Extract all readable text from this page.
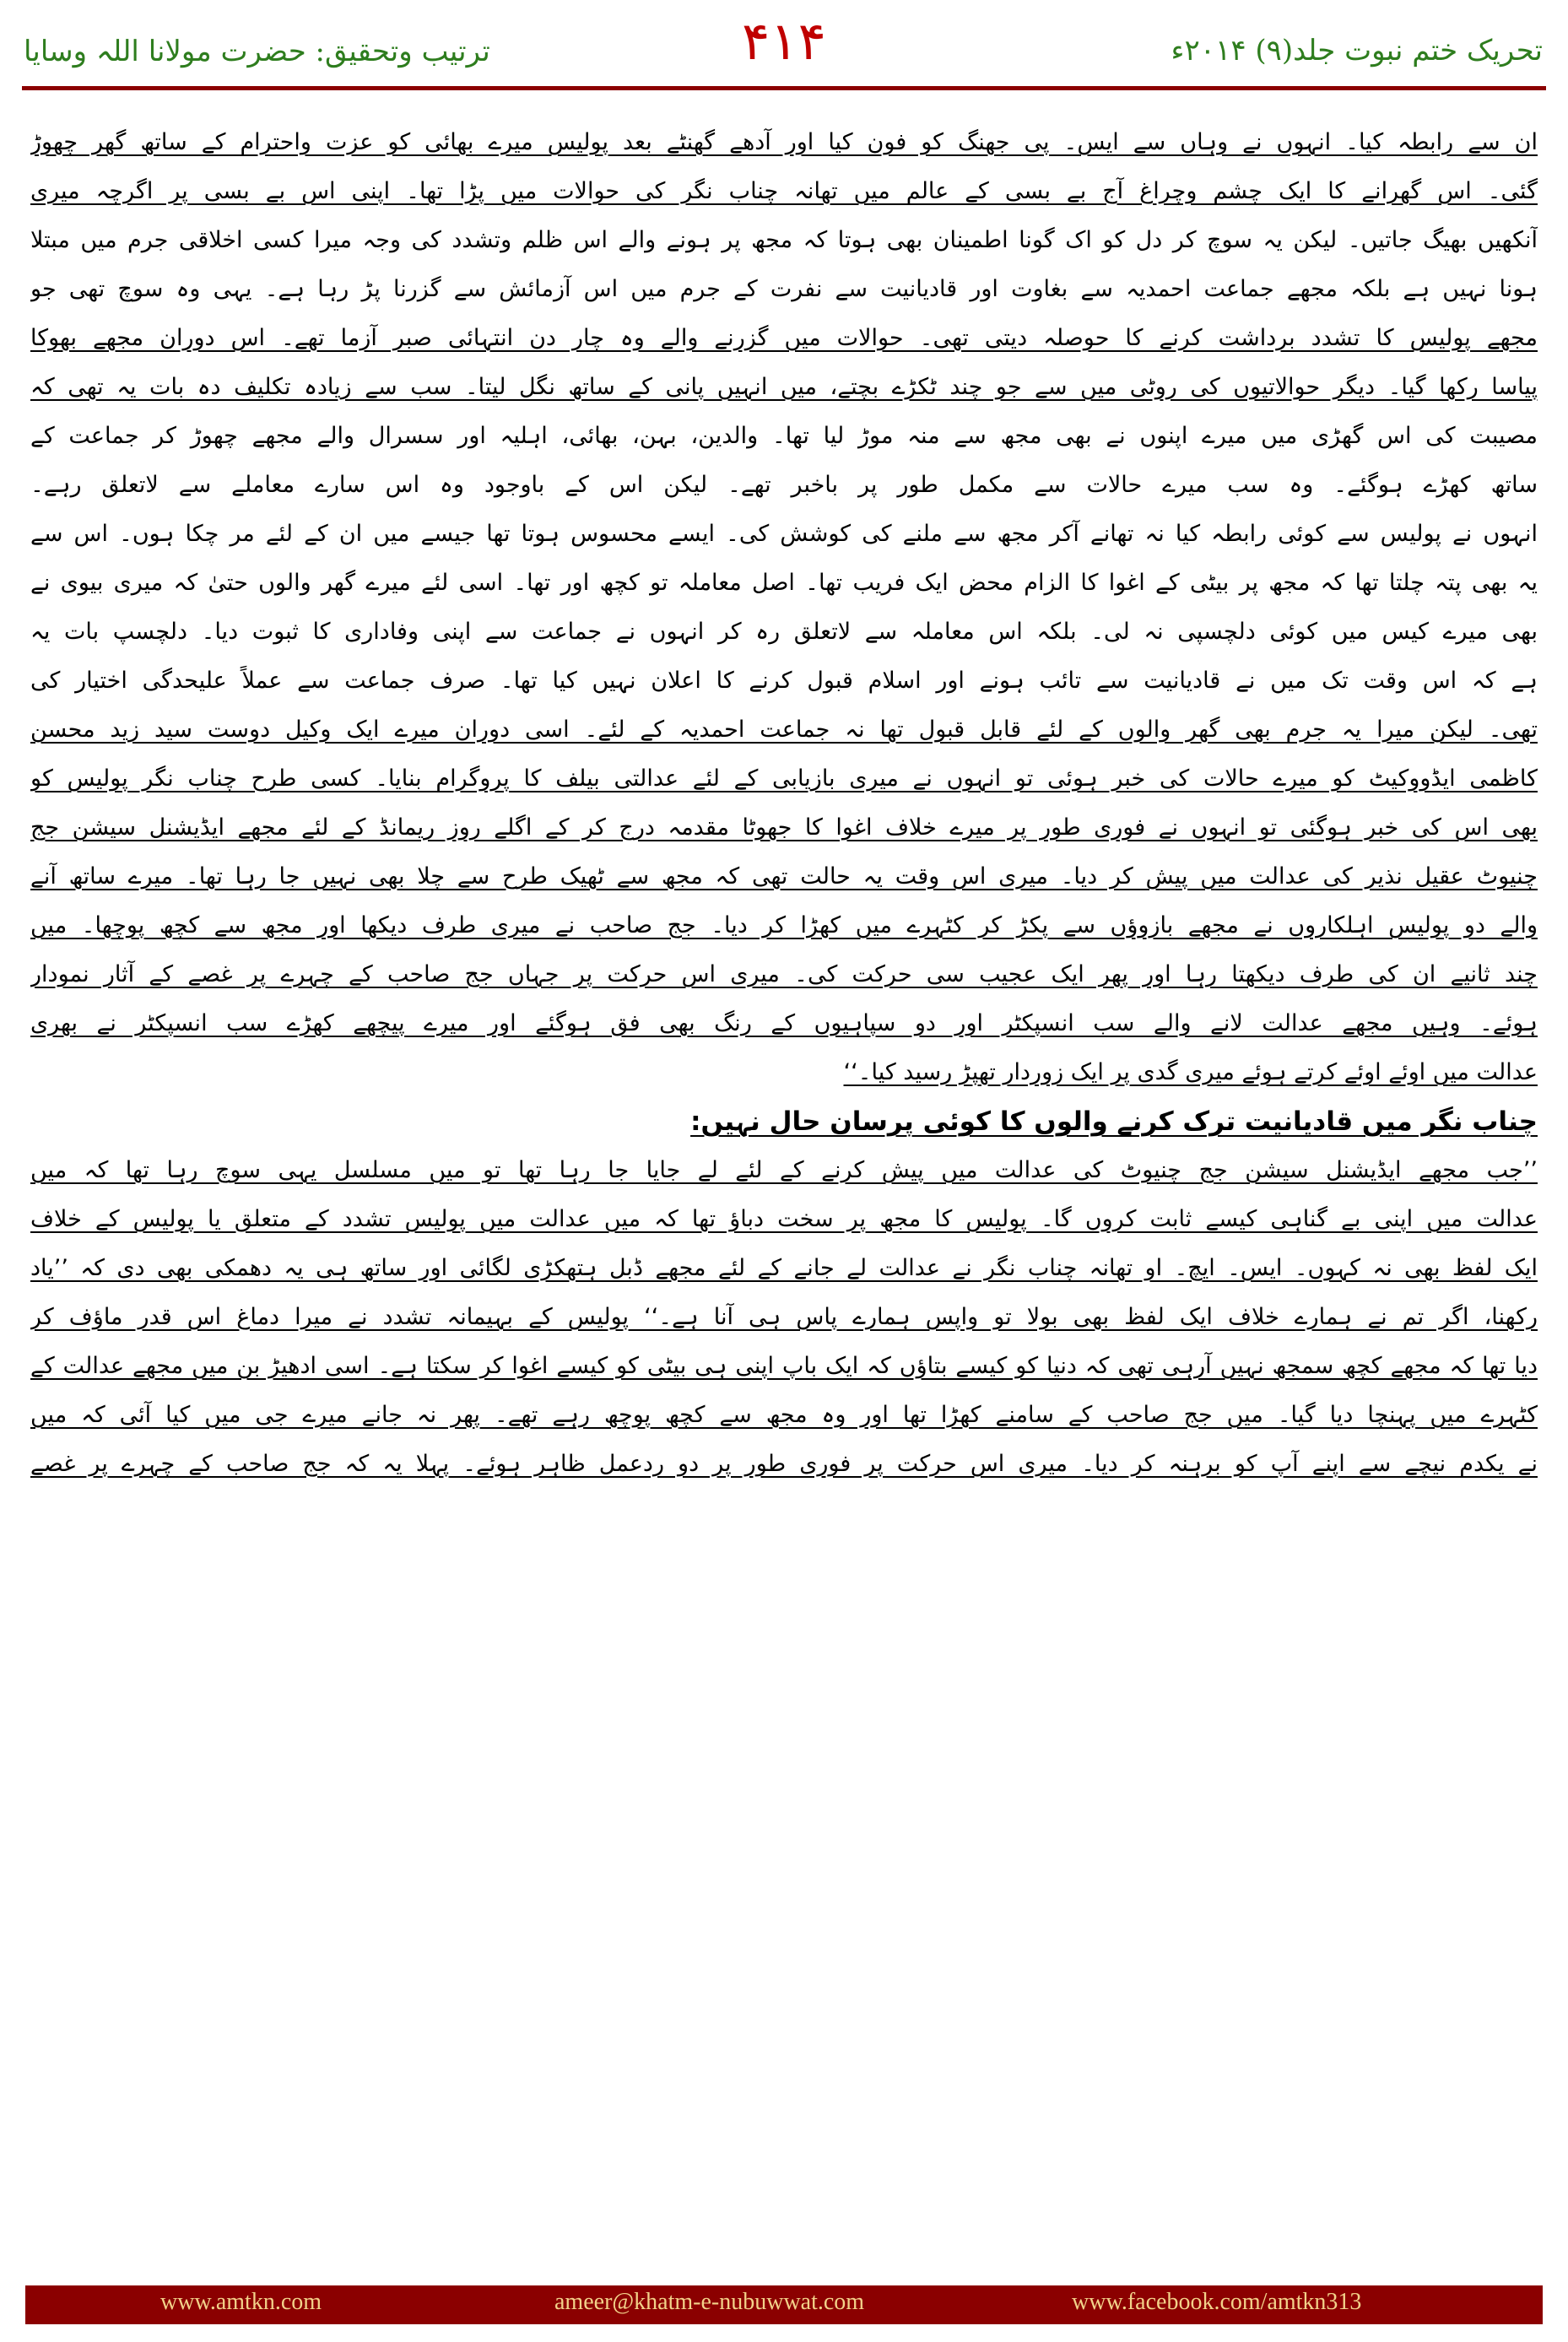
ترتیب وتحقیق: حضرت مولانا اللہ وسایا	۴۱۴	تحریک ختم نبوت جلد(۹) ۲۰۱۴ء
ان سے رابطہ کیا۔ انہوں نے وہاں سے ایس۔ پی جھنگ کو فون کیا اور آدھے گھنٹے بعد پولیس میرے بھائی کو عزت واحترام کے ساتھ گھر چھوڑ
گئی۔ اس گھرانے کا ایک چشم وچراغ آج بے بسی کے عالم میں تھانہ چناب نگر کی حوالات میں پڑا تھا۔ اپنی اس بے بسی پر اگرچہ میری
آنکھیں بھیگ جاتیں۔ لیکن یہ سوچ کر دل کو اک گونا اطمینان بھی ہوتا کہ مجھ پر ہونے والے اس ظلم وتشدد کی وجہ میرا کسی اخلاقی جرم میں مبتلا
ہونا نہیں ہے بلکہ مجھے جماعت احمدیہ سے بغاوت اور قادیانیت سے نفرت کے جرم میں اس آزمائش سے گزرنا پڑ رہا ہے۔ یہی وہ سوچ تھی جو
مجھے پولیس کا تشدد برداشت کرنے کا حوصلہ دیتی تھی۔ حوالات میں گزرنے والے وہ چار دن انتہائی صبر آزما تھے۔ اس دوران مجھے بھوکا
پیاسا رکھا گیا۔ دیگر حوالاتیوں کی روٹی میں سے جو چند ٹکڑے بچتے، میں انہیں پانی کے ساتھ نگل لیتا۔ سب سے زیادہ تکلیف دہ بات یہ تھی کہ
مصیبت کی اس گھڑی میں میرے اپنوں نے بھی مجھ سے منہ موڑ لیا تھا۔ والدین، بہن، بھائی، اہلیہ اور سسرال والے مجھے چھوڑ کر جماعت کے
ساتھ کھڑے ہوگئے۔ وہ سب میرے حالات سے مکمل طور پر باخبر تھے۔ لیکن اس کے باوجود وہ اس سارے معاملے سے لاتعلق رہے۔
انہوں نے پولیس سے کوئی رابطہ کیا نہ تھانے آکر مجھ سے ملنے کی کوشش کی۔ ایسے محسوس ہوتا تھا جیسے میں ان کے لئے مر چکا ہوں۔ اس سے
یہ بھی پتہ چلتا تھا کہ مجھ پر بیٹی کے اغوا کا الزام محض ایک فریب تھا۔ اصل معاملہ تو کچھ اور تھا۔ اسی لئے میرے گھر والوں حتیٰ کہ میری بیوی نے
بھی میرے کیس میں کوئی دلچسپی نہ لی۔ بلکہ اس معاملہ سے لاتعلق رہ کر انہوں نے جماعت سے اپنی وفاداری کا ثبوت دیا۔ دلچسپ بات یہ
ہے کہ اس وقت تک میں نے قادیانیت سے تائب ہونے اور اسلام قبول کرنے کا اعلان نہیں کیا تھا۔ صرف جماعت سے عملاً علیحدگی اختیار کی
تھی۔ لیکن میرا یہ جرم بھی گھر والوں کے لئے قابل قبول تھا نہ جماعت احمدیہ کے لئے۔ اسی دوران میرے ایک وکیل دوست سید زید محسن
کاظمی ایڈووکیٹ کو میرے حالات کی خبر ہوئی تو انہوں نے میری بازیابی کے لئے عدالتی بیلف کا پروگرام بنایا۔ کسی طرح چناب نگر پولیس کو
بھی اس کی خبر ہوگئی تو انہوں نے فوری طور پر میرے خلاف اغوا کا جھوٹا مقدمہ درج کر کے اگلے روز ریمانڈ کے لئے مجھے ایڈیشنل سیشن جج
چنیوٹ عقیل نذیر کی عدالت میں پیش کر دیا۔ میری اس وقت یہ حالت تھی کہ مجھ سے ٹھیک طرح سے چلا بھی نہیں جا رہا تھا۔ میرے ساتھ آنے
والے دو پولیس اہلکاروں نے مجھے بازوؤں سے پکڑ کر کٹہرے میں کھڑا کر دیا۔ جج صاحب نے میری طرف دیکھا اور مجھ سے کچھ پوچھا۔ میں
چند ثانیے ان کی طرف دیکھتا رہا اور پھر ایک عجیب سی حرکت کی۔ میری اس حرکت پر جہاں جج صاحب کے چہرے پر غصے کے آثار نمودار
ہوئے۔ وہیں مجھے عدالت لانے والے سب انسپکٹر اور دو سپاہیوں کے رنگ بھی فق ہوگئے اور میرے پیچھے کھڑے سب انسپکٹر نے بھری
عدالت میں اوئے اوئے کرتے ہوئے میری گدی پر ایک زوردار تھپڑ رسید کیا۔‘‘
چناب نگر میں قادیانیت ترک کرنے والوں کا کوئی پرسان حال نہیں:
’’جب مجھے ایڈیشنل سیشن جج چنیوٹ کی عدالت میں پیش کرنے کے لئے لے جایا جا رہا تھا تو میں مسلسل یہی سوچ رہا تھا کہ میں
عدالت میں اپنی بے گناہی کیسے ثابت کروں گا۔ پولیس کا مجھ پر سخت دباؤ تھا کہ میں عدالت میں پولیس تشدد کے متعلق یا پولیس کے خلاف
ایک لفظ بھی نہ کہوں۔ ایس۔ ایچ۔ او تھانہ چناب نگر نے عدالت لے جانے کے لئے مجھے ڈبل ہتھکڑی لگائی اور ساتھ ہی یہ دھمکی بھی دی کہ ’’یاد
رکھنا، اگر تم نے ہمارے خلاف ایک لفظ بھی بولا تو واپس ہمارے پاس ہی آنا ہے۔‘‘ پولیس کے بہیمانہ تشدد نے میرا دماغ اس قدر ماؤف کر
دیا تھا کہ مجھے کچھ سمجھ نہیں آرہی تھی کہ دنیا کو کیسے بتاؤں کہ ایک باپ اپنی ہی بیٹی کو کیسے اغوا کر سکتا ہے۔ اسی ادھیڑ بن میں مجھے عدالت کے
کٹہرے میں پہنچا دیا گیا۔ میں جج صاحب کے سامنے کھڑا تھا اور وہ مجھ سے کچھ پوچھ رہے تھے۔ پھر نہ جانے میرے جی میں کیا آئی کہ میں
نے یکدم نیچے سے اپنے آپ کو برہنہ کر دیا۔ میری اس حرکت پر فوری طور پر دو ردعمل ظاہر ہوئے۔ پہلا یہ کہ جج صاحب کے چہرے پر غصے
www.amtkn.com	ameer@khatm-e-nubuwwat.com	www.facebook.com/amtkn313
